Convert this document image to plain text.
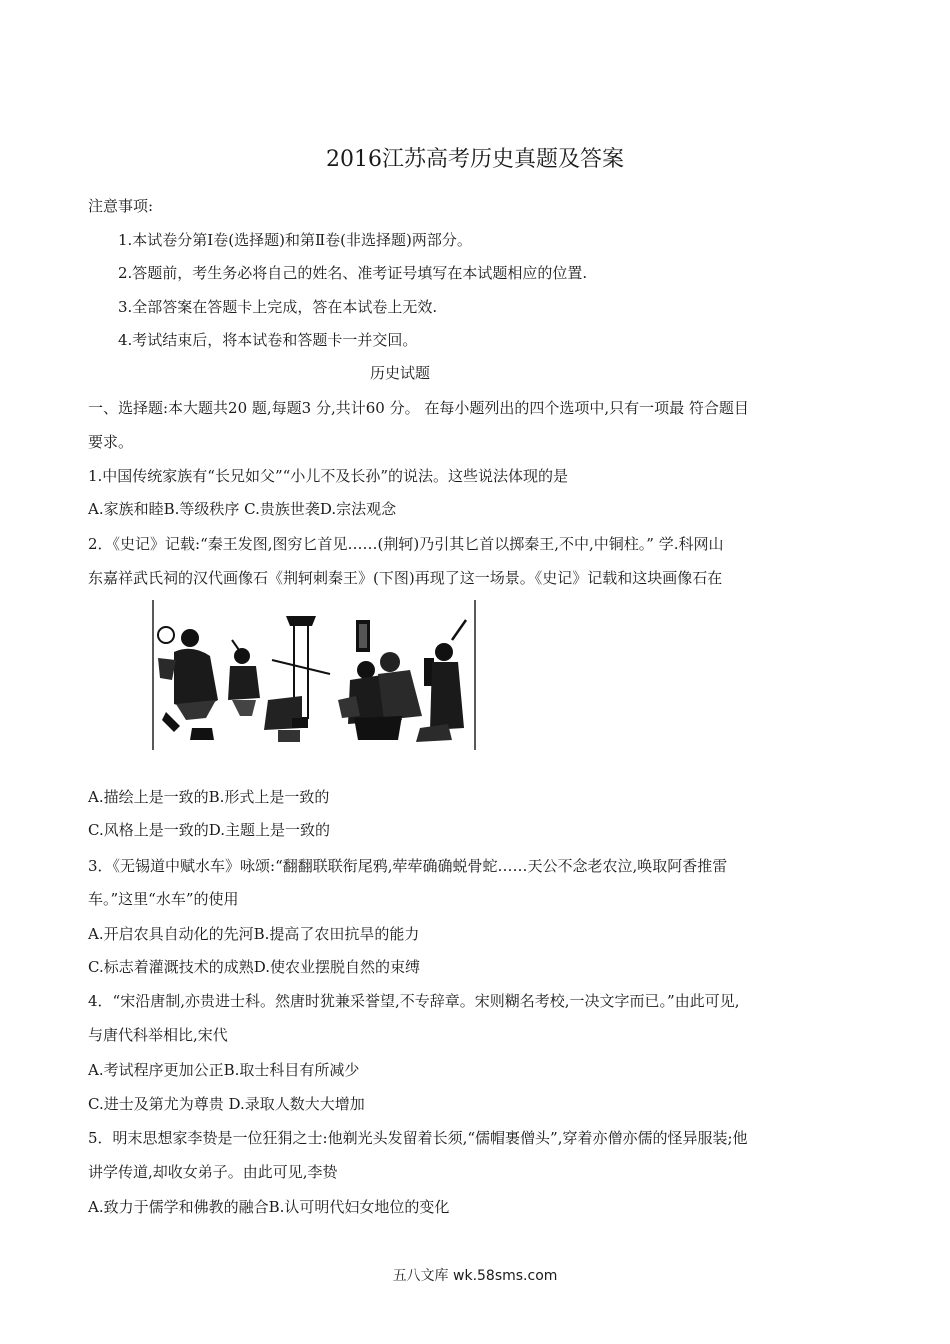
2016江苏高考历史真题及答案
注意事项:
1.本试卷分第Ⅰ卷(选择题)和第Ⅱ卷(非选择题)两部分。
2.答题前，考生务必将自己的姓名、准考证号填写在本试题相应的位置.
3.全部答案在答题卡上完成，答在本试卷上无效.
4.考试结束后，将本试卷和答题卡一并交回。
历史试题
一、选择题:本大题共20 题,每题3 分,共计60 分。 在每小题列出的四个选项中,只有一项最 符合题目
要求。
1.中国传统家族有“长兄如父”“小儿不及长孙”的说法。这些说法体现的是
A.家族和睦B.等级秩序 C.贵族世袭D.宗法观念
2．《史记》记载:“秦王发图,图穷匕首见……(荆轲)乃引其匕首以掷秦王,不中,中铜柱。” 学.科网山
东嘉祥武氏祠的汉代画像石《荆轲刺秦王》(下图)再现了这一场景。《史记》记载和这块画像石在
A.描绘上是一致的B.形式上是一致的
C.风格上是一致的D.主题上是一致的
3．《无锡道中赋水车》咏颂:“翻翻联联衔尾鸦,荦荦确确蜕骨蛇……天公不念老农泣,唤取阿香推雷
车。”这里“水车”的使用
A.开启农具自动化的先河B.提高了农田抗旱的能力
C.标志着灌溉技术的成熟D.使农业摆脱自然的束缚
4．“宋沿唐制,亦贵进士科。然唐时犹兼采誉望,不专辞章。宋则糊名考校,一决文字而已。”由此可见,
与唐代科举相比,宋代
A.考试程序更加公正B.取士科目有所减少
C.进士及第尤为尊贵 D.录取人数大大增加
5．明末思想家李贽是一位狂狷之士:他剃光头发留着长须,“儒帽裹僧头”,穿着亦僧亦儒的怪异服装;他
讲学传道,却收女弟子。由此可见,李贽
A.致力于儒学和佛教的融合B.认可明代妇女地位的变化
五八文库 wk.58sms.com
